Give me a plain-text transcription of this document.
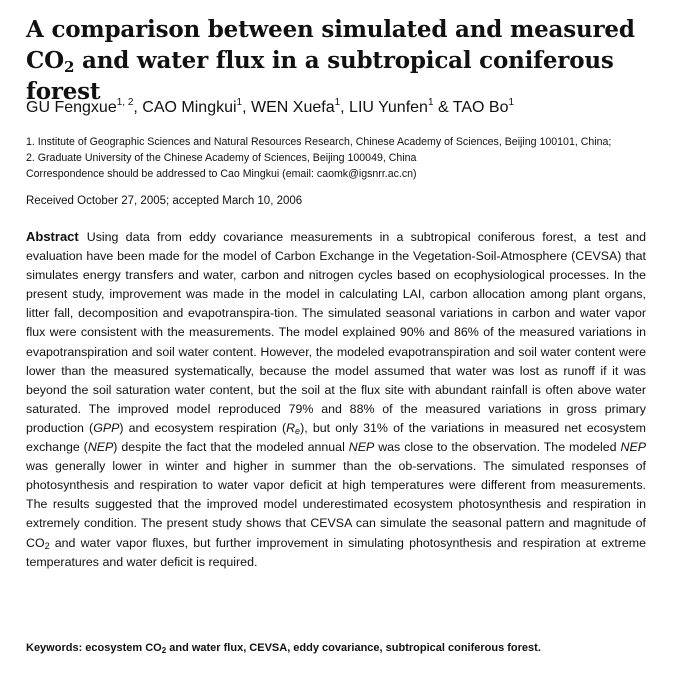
A comparison between simulated and measured $CO_2$ and water flux in a subtropical coniferous forest
GU Fengxue$^{1, 2}$, CAO Mingkui$^1$, WEN Xuefa$^1$, LIU Yunfen$^1$ & TAO Bo$^1$
1. Institute of Geographic Sciences and Natural Resources Research, Chinese Academy of Sciences, Beijing 100101, China;
2. Graduate University of the Chinese Academy of Sciences, Beijing 100049, China
Correspondence should be addressed to Cao Mingkui (email: caomk@igsnrr.ac.cn)
Received October 27, 2005; accepted March 10, 2006

Abstract Using data from eddy covariance measurements in a subtropical coniferous forest, a test and evaluation have been made for the model of Carbon Exchange in the Vegetation-Soil-Atmosphere (CEVSA) that simulates energy transfers and water, carbon and nitrogen cycles based on ecophysiological processes. In the present study, improvement was made in the model in calculating LAI, carbon allocation among plant organs, litter fall, decomposition and evapotranspira-tion. The simulated seasonal variations in carbon and water vapor flux were consistent with the measurements. The model explained 90% and 86% of the measured variations in evapotranspiration and soil water content. However, the modeled evapotranspiration and soil water content were lower than the measured systematically, because the model assumed that water was lost as runoff if it was beyond the soil saturation water content, but the soil at the flux site with abundant rainfall is often above water saturated. The improved model reproduced 79% and 88% of the measured variations in gross primary production (GPP) and ecosystem respiration $(R_e)$, but only 31% of the variations in measured net ecosystem exchange (NEP) despite the fact that the modeled annual NEP was close to the observation. The modeled NEP was generally lower in winter and higher in summer than the ob-servations. The simulated responses of photosynthesis and respiration to water vapor deficit at high temperatures were different from measurements. The results suggested that the improved model underestimated ecosystem photosynthesis and respiration in extremely condition. The present study shows that CEVSA can simulate the seasonal pattern and magnitude of $CO_2$ and water vapor fluxes, but further improvement in simulating photosynthesis and respiration at extreme temperatures and water deficit is required.

Keywords: ecosystem $CO_2$ and water flux, CEVSA, eddy covariance, subtropical coniferous forest.
